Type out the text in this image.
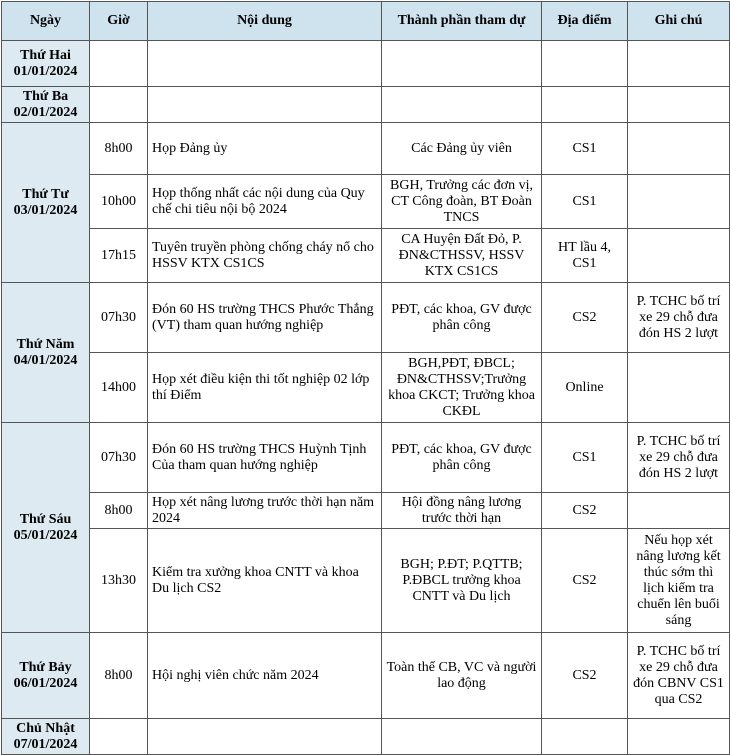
Ngày	Giờ	Nội dung	Thành phần tham dự	Địa điểm	Ghi chú

Thứ Hai
01/01/2024					

Thứ Ba
02/01/2024					

Thứ Tư
03/01/2024	8h00	Họp Đảng ủy	Các Đảng ủy viên	CS1	
	10h00	Họp thống nhất các nội dung của Quy chế chi tiêu nội bộ 2024	BGH, Trưởng các đơn vị, CT Công đoàn, BT Đoàn TNCS	CS1	
	17h15	Tuyên truyền phòng chống cháy nổ cho HSSV KTX CS1CS	CA Huyện Đất Đỏ, P. ĐN&CTHSSV, HSSV KTX CS1CS	HT lầu 4, CS1	

Thứ Năm
04/01/2024	07h30	Đón 60 HS trường THCS Phước Thắng (VT) tham quan hướng nghiệp	PĐT, các khoa, GV được phân công	CS2	P. TCHC bố trí xe 29 chỗ đưa đón HS 2 lượt
	14h00	Họp xét điều kiện thi tốt nghiệp 02 lớp thí Điểm	BGH,PĐT, ĐBCL; ĐN&CTHSSV;Trưởng khoa CKCT; Trưởng khoa CKĐL	Online	

Thứ Sáu
05/01/2024	07h30	Đón 60 HS trường THCS Huỳnh Tịnh Của tham quan hướng nghiệp	PĐT, các khoa, GV được phân công	CS1	P. TCHC bố trí xe 29 chỗ đưa đón HS 2 lượt
	8h00	Họp xét nâng lương trước thời hạn năm 2024	Hội đồng nâng lương trước thời hạn	CS2	
	13h30	Kiểm tra xưởng khoa CNTT và khoa Du lịch CS2	BGH; P.ĐT; P.QTTB; P.ĐBCL trưởng khoa CNTT và Du lịch	CS2	Nếu họp xét nâng lương kết thúc sớm thì lịch kiểm tra chuển lên buổi sáng

Thứ Bảy
06/01/2024	8h00	Hội nghị viên chức năm 2024	Toàn thể CB, VC và người lao động	CS2	P. TCHC bố trí xe 29 chỗ đưa đón CBNV CS1 qua CS2

Chủ Nhật
07/01/2024					
